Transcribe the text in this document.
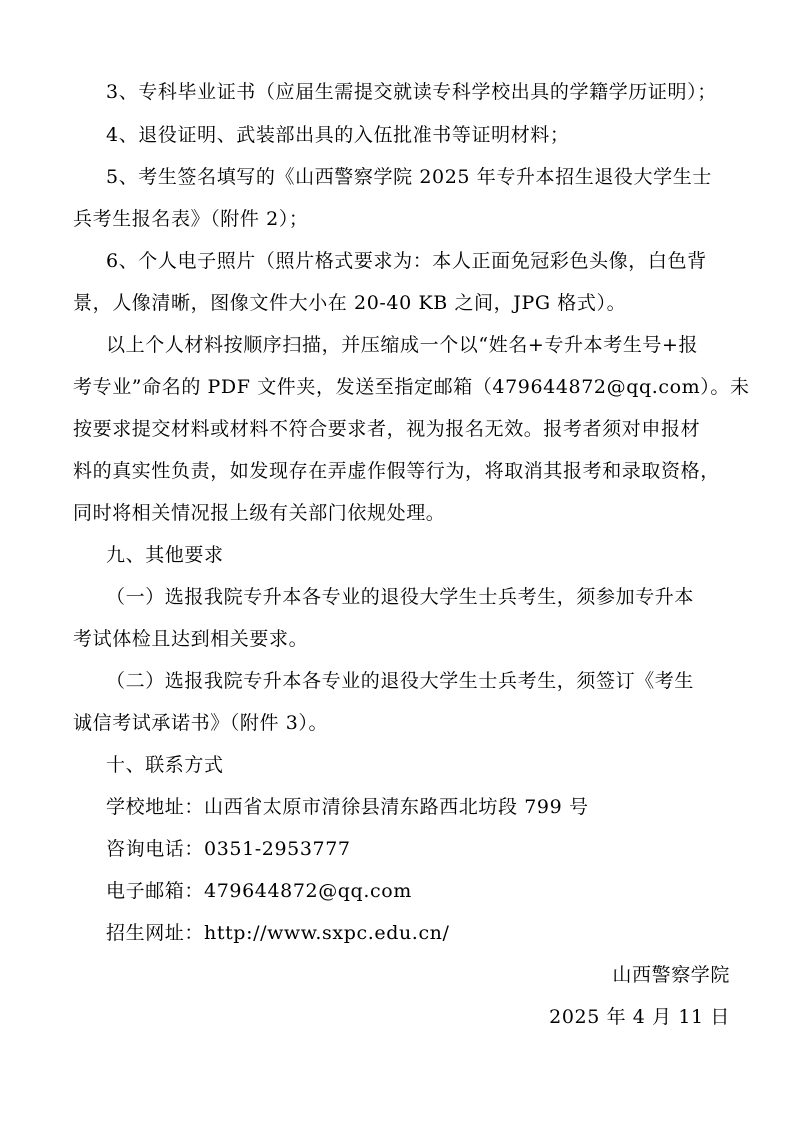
3、专科毕业证书（应届生需提交就读专科学校出具的学籍学历证明）；
4、退役证明、武装部出具的入伍批准书等证明材料；
5、考生签名填写的《山西警察学院 2025 年专升本招生退役大学生士
兵考生报名表》（附件 2）；
6、个人电子照片（照片格式要求为：本人正面免冠彩色头像，白色背
景，人像清晰，图像文件大小在 20-40 KB 之间，JPG 格式）。
以上个人材料按顺序扫描，并压缩成一个以“姓名+专升本考生号+报
考专业”命名的 PDF 文件夹，发送至指定邮箱（479644872@qq.com）。未
按要求提交材料或材料不符合要求者，视为报名无效。报考者须对申报材
料的真实性负责，如发现存在弄虚作假等行为，将取消其报考和录取资格，
同时将相关情况报上级有关部门依规处理。
九、其他要求
（一）选报我院专升本各专业的退役大学生士兵考生，须参加专升本
考试体检且达到相关要求。
（二）选报我院专升本各专业的退役大学生士兵考生，须签订《考生
诚信考试承诺书》（附件 3）。
十、联系方式
学校地址：山西省太原市清徐县清东路西北坊段 799 号
咨询电话：0351-2953777
电子邮箱：479644872@qq.com
招生网址：http://www.sxpc.edu.cn/
山西警察学院
2025 年 4 月 11 日
